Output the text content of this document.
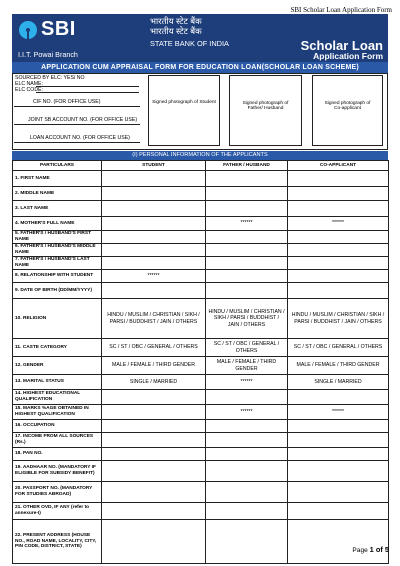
SBI Scholar Loan Application Form
SBI
I.I.T. Powai Branch
भारतीय स्टेट बैंक
भारतीय स्टेट बैंक
STATE BANK OF INDIA	Scholar Loan
Application Form
APPLICATION CUM APPRAISAL FORM FOR EDUCATION LOAN(SCHOLAR LOAN SCHEME)
SOURCED BY ELC: YES/ NO
ELC NAME:
ELC CODE:
CIF NO. (FOR OFFICE USE)
JOINT SB ACCOUNT NO. (FOR OFFICE USE)
LOAN ACCOUNT NO. (FOR OFFICE USE)
Signed photograph of Student	Signed photograph of Father/ Husband
Signed photograph of Co-applicant
(I) PERSONAL INFORMATION OF THE APPLICANTS
PARTICULARS	STUDENT	FATHER / HUSBAND	CO-APPLICANT
1. FIRST NAME			
2. MIDDLE NAME			
3. LAST NAME			
4. MOTHER'S FULL NAME		******	******
5. FATHER'S / HUSBAND'S FIRST NAME			
6. FATHER'S / HUSBAND'S MIDDLE NAME			
7. FATHER'S / HUSBAND'S LAST NAME			
8. RELATIONSHIP WITH STUDENT	******		
9. DATE OF BIRTH (DD/MM/YYYY)			
10. RELIGION	HINDU / MUSLIM / CHRISTIAN / SIKH / PARSI / BUDDHIST / JAIN / OTHERS	HINDU / MUSLIM / CHRISTIAN / SIKH / PARSI / BUDDHIST / JAIN / OTHERS	HINDU / MUSLIM / CHRISTIAN / SIKH / PARSI / BUDDHIST / JAIN / OTHERS
11. CASTE CATEGORY	SC / ST / OBC / GENERAL / OTHERS	SC / ST / OBC / GENERAL / OTHERS	SC / ST / OBC / GENERAL / OTHERS
12. GENDER	MALE / FEMALE / THIRD GENDER	MALE / FEMALE / THIRD GENDER	MALE / FEMALE / THIRD GENDER
13. MARITAL STATUS	SINGLE / MARRIED	******	SINGLE / MARRIED
14. HIGHEST EDUCATIONAL QUALIFICATION			
15. MARKS %AGE OBTAINED IN HIGHEST QUALIFICATION		******	******
16. OCCUPATION			
17. INCOME FROM ALL SOURCES (Rs.)			
18. PAN NO.			
19. AADHAAR NO. (MANDATORY IF ELIGIBLE FOR SUBSIDY BENEFIT)			
20. PASSPORT NO. (MANDATORY FOR STUDIES ABROAD)			
21. OTHER OVD, IF ANY (refer to annexure-I)			
22. PRESENT ADDRESS (HOUSE NO., ROAD NAME, LOCALITY, CITY, PIN CODE, DISTRICT, STATE)			
Page 1 of 5
